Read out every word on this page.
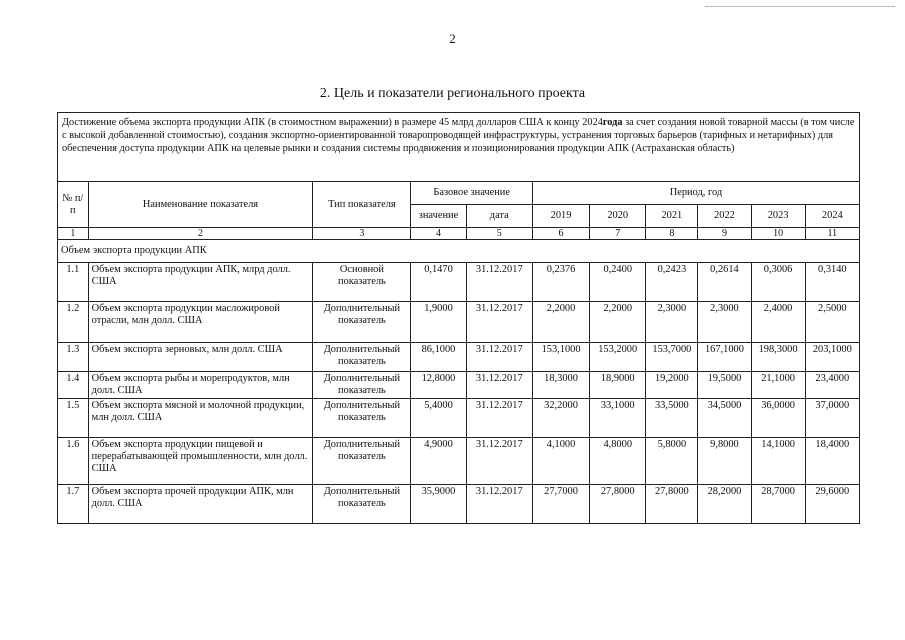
2
2. Цель и показатели регионального проекта
Достижение объема экспорта продукции АПК (в стоимостном выражении) в размере 45 млрд долларов США к концу 2024года за счет создания новой товарной массы (в том числе с высокой добавленной стоимостью), создания экспортно-ориентированной товаропроводящей инфраструктуры, устранения торговых барьеров (тарифных и нетарифных) для обеспечения доступа продукции АПК на целевые рынки и создания системы продвижения и позиционирования продукции АПК (Астраханская область)										
№ п/п	Наименование показателя	Тип показателя	Базовое значение		Период, год					
			значение	дата	2019	2020	2021	2022	2023	2024
1	2	3	4	5	6	7	8	9	10	11
Объем экспорта продукции АПК										
1.1	Объем экспорта продукции АПК, млрд долл. США	Основной показатель	0,1470	31.12.2017	0,2376	0,2400	0,2423	0,2614	0,3006	0,3140
1.2	Объем экспорта продукции масложировой отрасли, млн долл. США	Дополнительный показатель	1,9000	31.12.2017	2,2000	2,2000	2,3000	2,3000	2,4000	2,5000
1.3	Объем экспорта зерновых, млн долл. США	Дополнительный показатель	86,1000	31.12.2017	153,1000	153,2000	153,7000	167,1000	198,3000	203,1000
1.4	Объем экспорта рыбы и морепродуктов, млн долл. США	Дополнительный показатель	12,8000	31.12.2017	18,3000	18,9000	19,2000	19,5000	21,1000	23,4000
1.5	Объем экспорта мясной и молочной продукции, млн долл. США	Дополнительный показатель	5,4000	31.12.2017	32,2000	33,1000	33,5000	34,5000	36,0000	37,0000
1.6	Объем экспорта продукции пищевой и перерабатывающей промышленности, млн долл. США	Дополнительный показатель	4,9000	31.12.2017	4,1000	4,8000	5,8000	9,8000	14,1000	18,4000
1.7	Объем экспорта прочей продукции АПК, млн долл. США	Дополнительный показатель	35,9000	31.12.2017	27,7000	27,8000	27,8000	28,2000	28,7000	29,6000
